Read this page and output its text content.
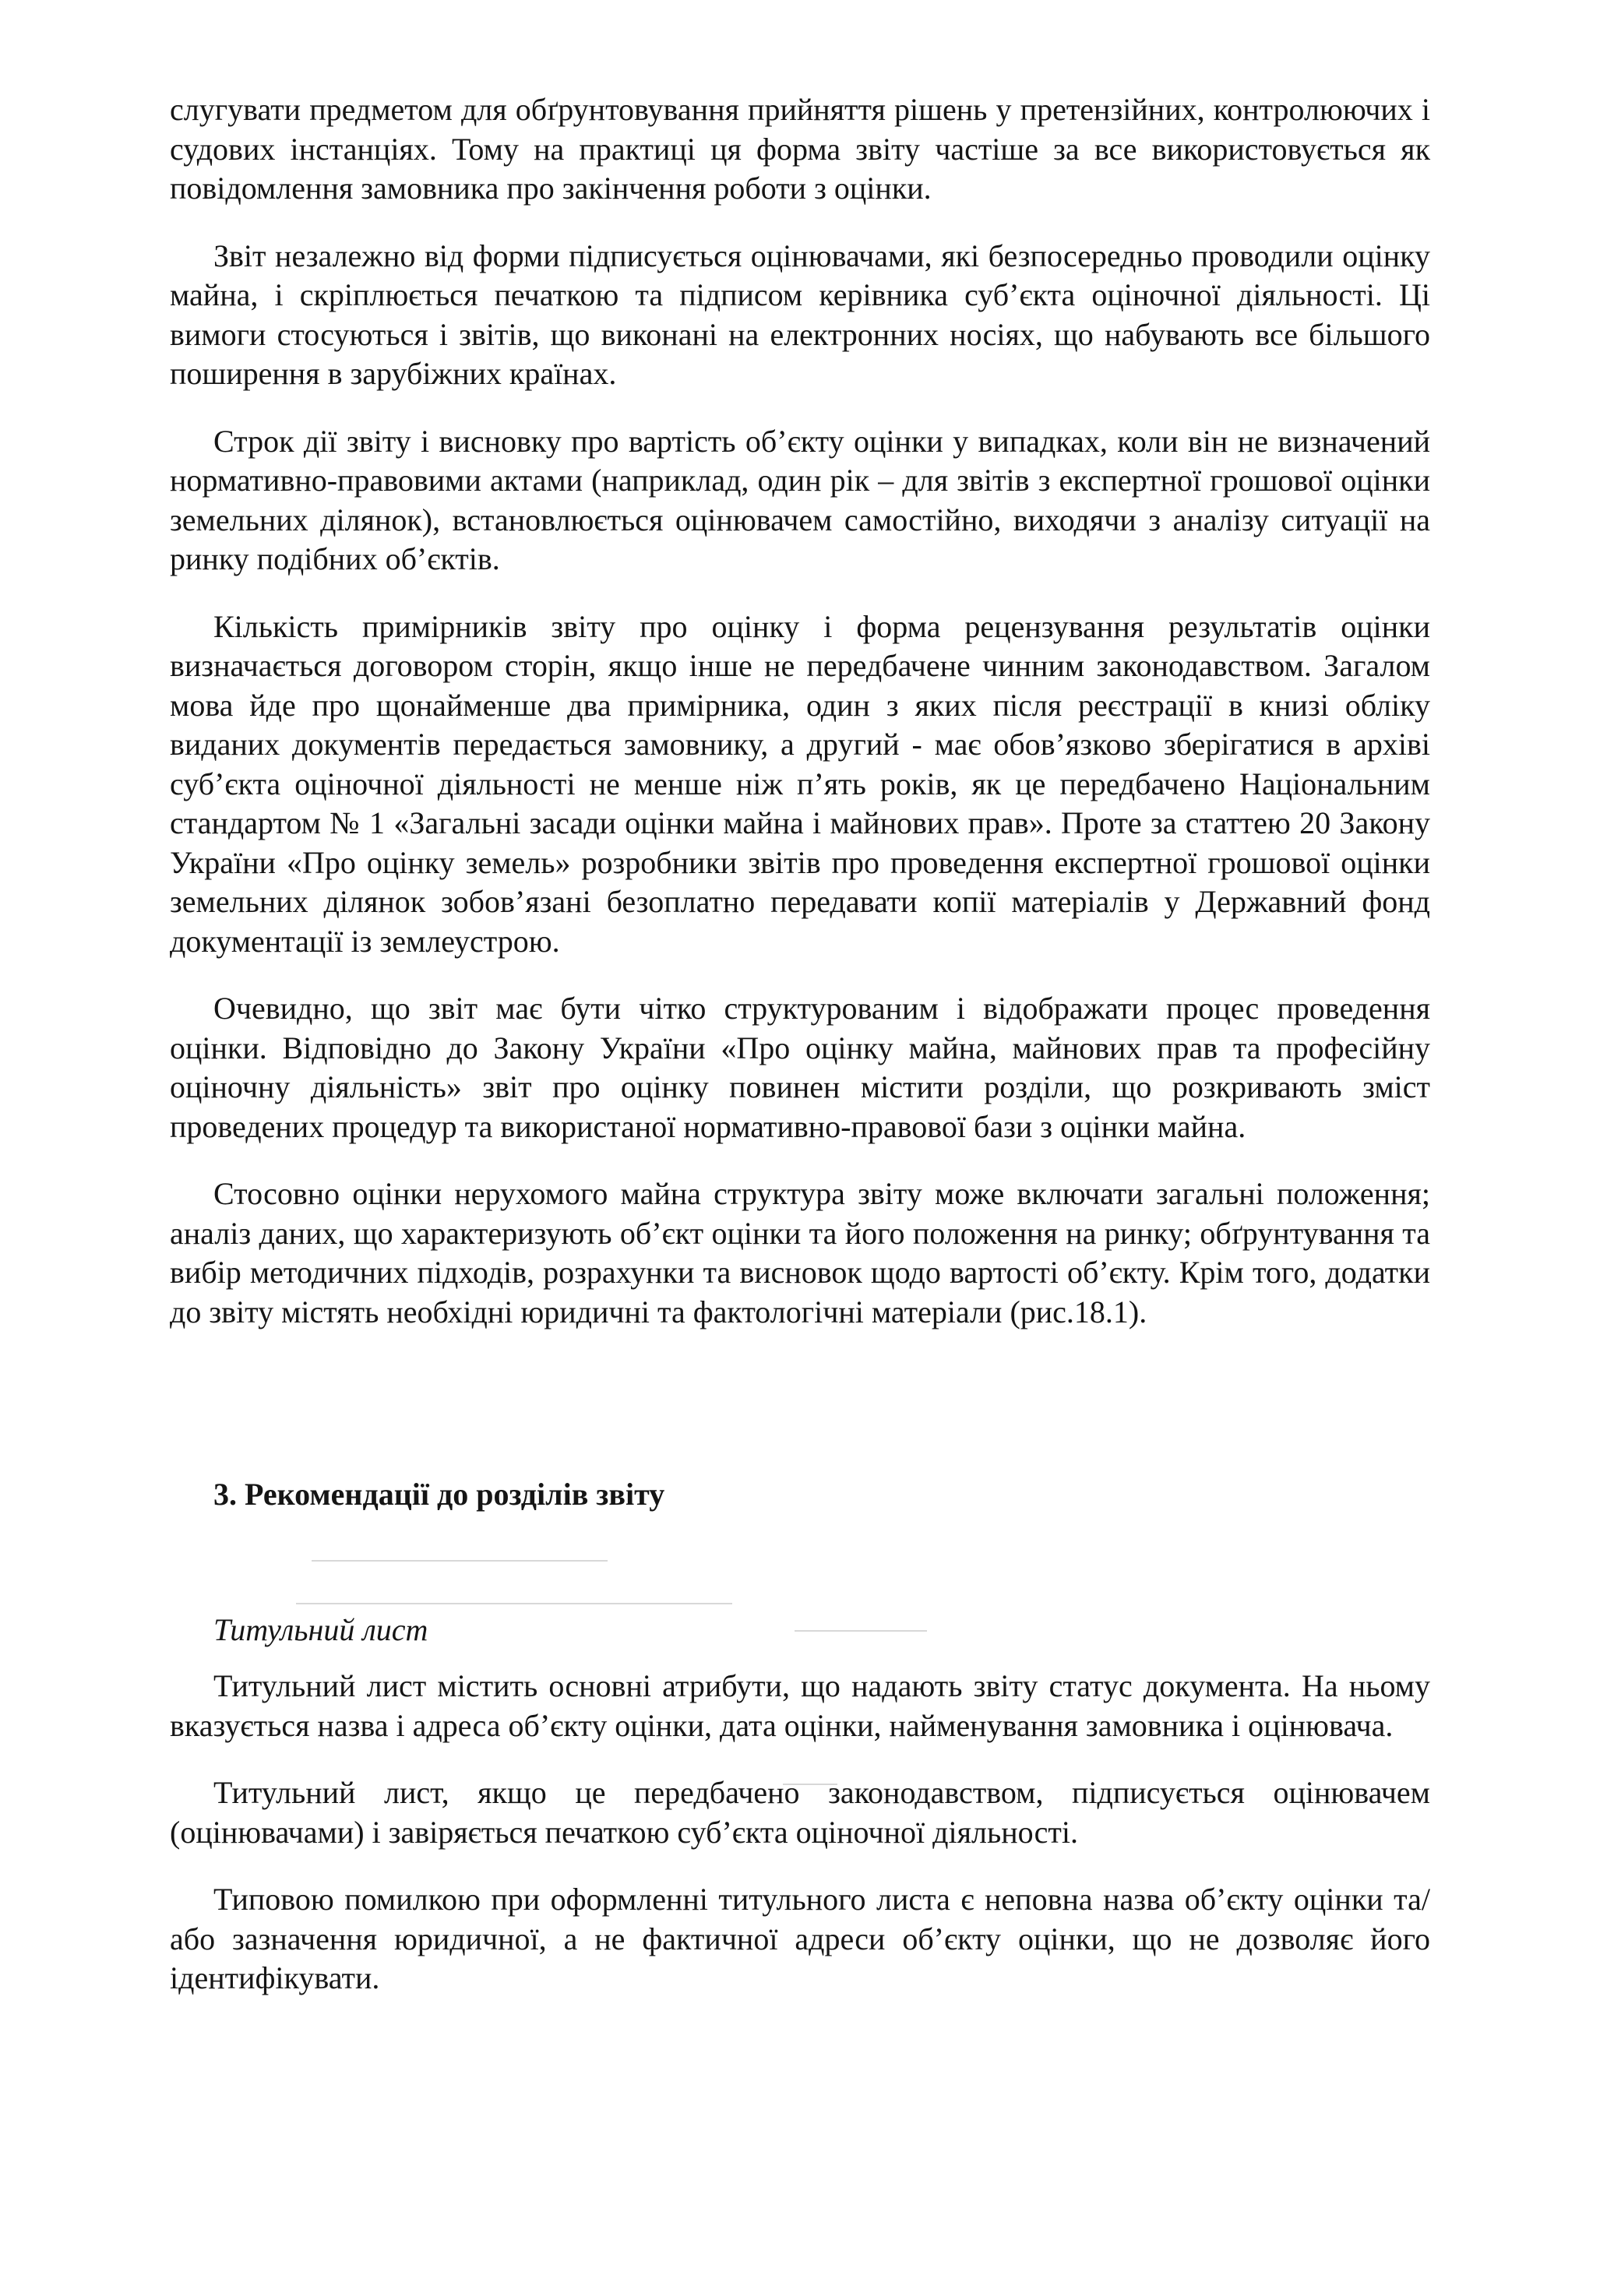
слугувати предметом для обґрунтовування прийняття рішень у претензійних, контролюючих і судових інстанціях. Тому на практиці ця форма звіту частіше за все використовується як повідомлення замовника про закінчення роботи з оцінки.

Звіт незалежно від форми підписується оцінювачами, які безпосередньо проводили оцінку майна, і скріплюється печаткою та підписом керівника суб’єкта оціночної діяльності. Ці вимоги стосуються і звітів, що виконані на електронних носіях, що набувають все більшого поширення в зарубіжних країнах.

Строк дії звіту і висновку про вартість об’єкту оцінки у випадках, коли він не визначений нормативно-правовими актами (наприклад, один рік – для звітів з експертної грошової оцінки земельних ділянок), встановлюється оцінювачем самостійно, виходячи з аналізу ситуації на ринку подібних об’єктів.

Кількість примірників звіту про оцінку і форма рецензування результатів оцінки визначається договором сторін, якщо інше не передбачене чинним законодавством. Загалом мова йде про щонайменше два примірника, один з яких після реєстрації в книзі обліку виданих документів передається замовнику, а другий - має обов’язково зберігатися в архіві суб’єкта оціночної діяльності не менше ніж п’ять років, як це передбачено Національним стандартом № 1 «Загальні засади оцінки майна і майнових прав». Проте за статтею 20 Закону України «Про оцінку земель» розробники звітів про проведення експертної грошової оцінки земельних ділянок зобов’язані безоплатно передавати копії матеріалів у Державний фонд документації із землеустрою.

Очевидно, що звіт має бути чітко структурованим і відображати процес проведення оцінки. Відповідно до Закону України «Про оцінку майна, майнових прав та професійну оціночну діяльність» звіт про оцінку повинен містити розділи, що розкривають зміст проведених процедур та використаної нормативно-правової бази з оцінки майна.

Стосовно оцінки нерухомого майна структура звіту може включати загальні положення; аналіз даних, що характеризують об’єкт оцінки та його положення на ринку; обґрунтування та вибір методичних підходів, розрахунки та висновок щодо вартості об’єкту. Крім того, додатки до звіту містять необхідні юридичні та фактологічні матеріали (рис.18.1).

3. Рекомендації до розділів звіту

Титульний лист

Титульний лист містить основні атрибути, що надають звіту статус документа. На ньому вказується назва і адреса об’єкту оцінки, дата оцінки, найменування замовника і оцінювача.

Титульний лист, якщо це передбачено законодавством, підписується оцінювачем (оцінювачами) і завіряється печаткою суб’єкта оціночної діяльності.

Типовою помилкою при оформленні титульного листа є неповна назва об’єкту оцінки та/або зазначення юридичної, а не фактичної адреси об’єкту оцінки, що не дозволяє його ідентифікувати.
